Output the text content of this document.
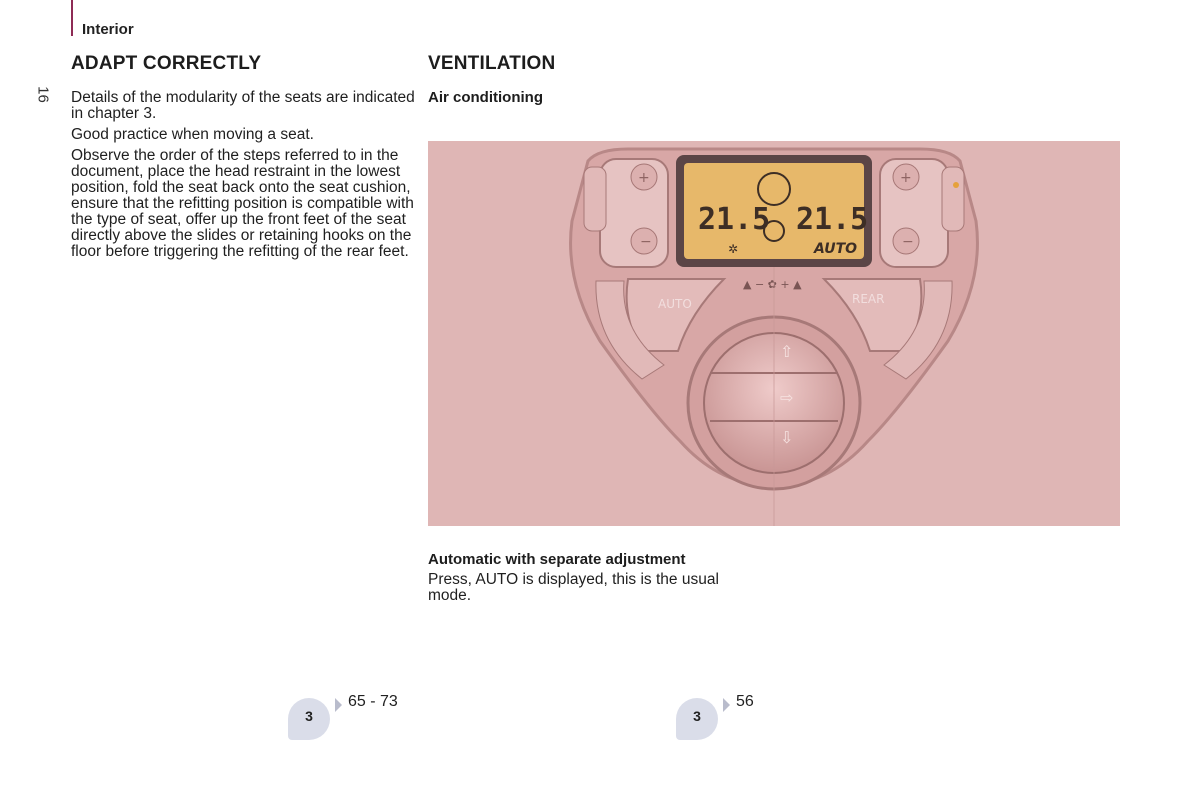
Interior
16
ADAPT CORRECTLY

Details of the modularity of the seats are indicated in chapter 3.

Good practice when moving a seat.

Observe the order of the steps referred to in the document, place the head restraint in the lowest position, fold the seat back onto the seat cushion, ensure that the refitting position is compatible with the type of seat, offer up the front feet of the seat directly above the slides or retaining hooks on the floor before triggering the refitting of the rear feet.

VENTILATION
Air conditioning
+
−
+
−
21.5 21.5
✲	AUTO
▲ − ✿ + ▲
AUTO	REAR
⇧
⇨
⇩
Automatic with separate adjustment
Press, AUTO is displayed, this is the usual mode.
3
65 - 73
3
56
